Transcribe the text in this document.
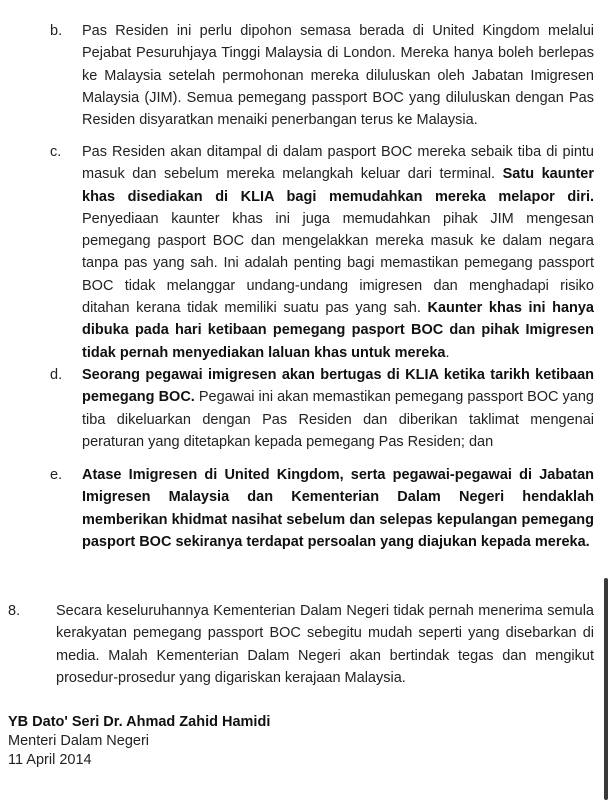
b. Pas Residen ini perlu dipohon semasa berada di United Kingdom melalui Pejabat Pesuruhjaya Tinggi Malaysia di London. Mereka hanya boleh berlepas ke Malaysia setelah permohonan mereka diluluskan oleh Jabatan Imigresen Malaysia (JIM). Semua pemegang passport BOC yang diluluskan dengan Pas Residen disyaratkan menaiki penerbangan terus ke Malaysia.
c. Pas Residen akan ditampal di dalam pasport BOC mereka sebaik tiba di pintu masuk dan sebelum mereka melangkah keluar dari terminal. Satu kaunter khas disediakan di KLIA bagi memudahkan mereka melapor diri. Penyediaan kaunter khas ini juga memudahkan pihak JIM mengesan pemegang pasport BOC dan mengelakkan mereka masuk ke dalam negara tanpa pas yang sah. Ini adalah penting bagi memastikan pemegang passport BOC tidak melanggar undang-undang imigresen dan menghadapi risiko ditahan kerana tidak memiliki suatu pas yang sah. Kaunter khas ini hanya dibuka pada hari ketibaan pemegang pasport BOC dan pihak Imigresen tidak pernah menyediakan laluan khas untuk mereka.
d. Seorang pegawai imigresen akan bertugas di KLIA ketika tarikh ketibaan pemegang BOC. Pegawai ini akan memastikan pemegang passport BOC yang tiba dikeluarkan dengan Pas Residen dan diberikan taklimat mengenai peraturan yang ditetapkan kepada pemegang Pas Residen; dan
e. Atase Imigresen di United Kingdom, serta pegawai-pegawai di Jabatan Imigresen Malaysia dan Kementerian Dalam Negeri hendaklah memberikan khidmat nasihat sebelum dan selepas kepulangan pemegang pasport BOC sekiranya terdapat persoalan yang diajukan kepada mereka.
8. Secara keseluruhannya Kementerian Dalam Negeri tidak pernah menerima semula kerakyatan pemegang passport BOC sebegitu mudah seperti yang disebarkan di media. Malah Kementerian Dalam Negeri akan bertindak tegas dan mengikut prosedur-prosedur yang digariskan kerajaan Malaysia.
YB Dato' Seri Dr. Ahmad Zahid Hamidi
Menteri Dalam Negeri
11 April 2014
